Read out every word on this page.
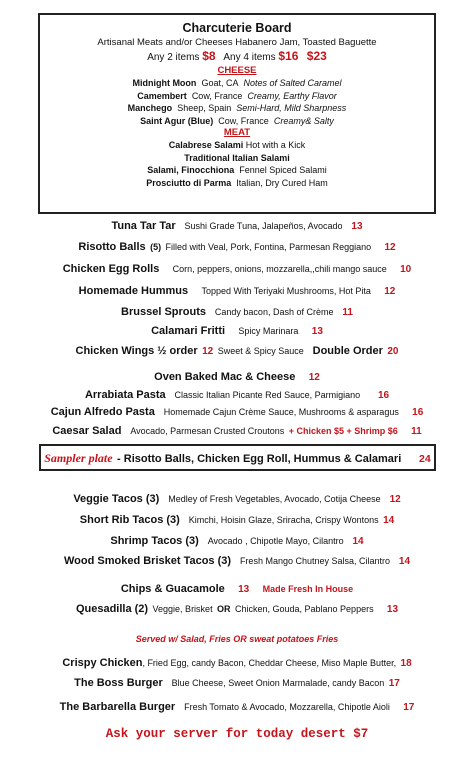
Charcuterie Board
Artisanal Meats and/or Cheeses Habanero Jam, Toasted Baguette
Any 2 items $8 Any 4 items $16 $23
CHEESE
Midnight Moon Goat, CA Notes of Salted Caramel
Camembert Cow, France Creamy, Earthy Flavor
Manchego Sheep, Spain Semi-Hard, Mild Sharpness
Saint Agur (Blue) Cow, France Creamy& Salty
MEAT
Calabrese Salami Hot with a Kick
Traditional Italian Salami
Salami, Finocchiona Fennel Spiced Salami
Prosciutto di Parma Italian, Dry Cured Ham
Tuna Tar Tar Sushi Grade Tuna, Jalapeños, Avocado 13
Risotto Balls (5) Filled with Veal, Pork, Fontina, Parmesan Reggiano 12
Chicken Egg Rolls Corn, peppers, onions, mozzarella,,chili mango sauce 10
Homemade Hummus Topped With Teriyaki Mushrooms, Hot Pita 12
Brussel Sprouts Candy bacon, Dash of Crème 11
Calamari Fritti Spicy Marinara 13
Chicken Wings ½ order 12 Sweet & Spicy Sauce Double Order 20
Oven Baked Mac & Cheese 12
Arrabiata Pasta Classic Italian Picante Red Sauce, Parmigiano 16
Cajun Alfredo Pasta Homemade Cajun Crème Sauce, Mushrooms & asparagus 16
Caesar Salad Avocado, Parmesan Crusted Croutons + Chicken $5 + Shrimp $6 11
Sampler plate - Risotto Balls, Chicken Egg Roll, Hummus & Calamari 24
Veggie Tacos (3) Medley of Fresh Vegetables, Avocado, Cotija Cheese 12
Short Rib Tacos (3) Kimchi, Hoisin Glaze, Sriracha, Crispy Wontons 14
Shrimp Tacos (3) Avocado , Chipotle Mayo, Cilantro 14
Wood Smoked Brisket Tacos (3) Fresh Mango Chutney Salsa, Cilantro 14
Chips & Guacamole 13 Made Fresh In House
Quesadilla (2) Veggie, Brisket OR Chicken, Gouda, Pablano Peppers 13
Served w/ Salad, Fries OR sweat potatoes Fries
Crispy Chicken, Fried Egg, candy Bacon, Cheddar Cheese, Miso Maple Butter, 18
The Boss Burger Blue Cheese, Sweet Onion Marmalade, candy Bacon 17
The Barbarella Burger Fresh Tomato & Avocado, Mozzarella, Chipotle Aioli 17
Ask your server for today desert $7
